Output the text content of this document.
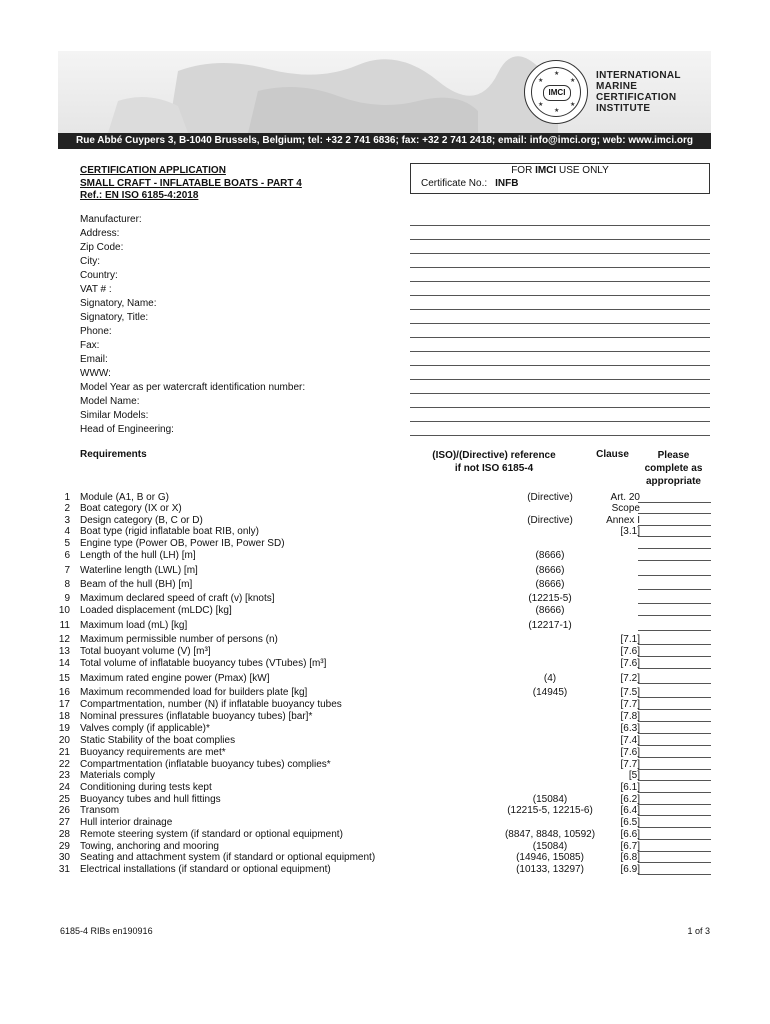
IMCI
★
★	★
★	★
★
INTERNATIONAL
MARINE
CERTIFICATION
INSTITUTE
Rue Abbé Cuypers 3, B-1040 Brussels, Belgium; tel: +32 2 741 6836; fax: +32 2 741 2418; email: info@imci.org; web: www.imci.org
CERTIFICATION APPLICATION
SMALL CRAFT - INFLATABLE BOATS - PART 4
Ref.: EN ISO 6185-4:2018
FOR IMCI USE ONLY
Certificate No.: INFB
Manufacturer:
Address:
Zip Code:
City:
Country:
VAT # :
Signatory, Name:
Signatory, Title:
Phone:
Fax:
Email:
WWW:
Model Year as per watercraft identification number:
Model Name:
Similar Models:
Head of Engineering:
Requirements	(ISO)/(Directive) reference
if not ISO 6185-4
Clause	Please
complete as
appropriate
1 Module (A1, B or G)	(Directive)	Art. 20
2 Boat category (IX or X)	Scope
3 Design category (B, C or D)	(Directive)	Annex I
4 Boat type (rigid inflatable boat RIB, only)	[3.1]
5 Engine type (Power OB, Power IB, Power SD)
6 Length of the hull (LH) [m]	(8666)
7 Waterline length (LWL) [m]	(8666)
8 Beam of the hull (BH) [m]	(8666)
9 Maximum declared speed of craft (v) [knots]	(12215-5)
10 Loaded displacement (mLDC) [kg]	(8666)
11 Maximum load (mL) [kg]	(12217-1)
12 Maximum permissible number of persons (n)	[7.1]
13 Total buoyant volume (V) [m³]	[7.6]
14 Total volume of inflatable buoyancy tubes (VTubes) [m³]	[7.6]
15 Maximum rated engine power (Pmax) [kW]	(4)	[7.2]
16 Maximum recommended load for builders plate [kg]	(14945)	[7.5]
17 Compartmentation, number (N) if inflatable buoyancy tubes	[7.7]
18 Nominal pressures (inflatable buoyancy tubes) [bar]*	[7.8]
19 Valves comply (if applicable)*	[6.3]
20 Static Stability of the boat complies	[7.4]
21 Buoyancy requirements are met*	[7.6]
22 Compartmentation (inflatable buoyancy tubes) complies*	[7.7]
23 Materials comply	[5]
24 Conditioning during tests kept	[6.1]
25 Buoyancy tubes and hull fittings	(15084)	[6.2]
26 Transom	(12215-5, 12215-6)	[6.4]
27 Hull interior drainage	[6.5]
28 Remote steering system (if standard or optional equipment)	(8847, 8848, 10592)	[6.6]
29 Towing, anchoring and mooring	(15084)	[6.7]
30 Seating and attachment system (if standard or optional equipment)	(14946, 15085)	[6.8]
31 Electrical installations (if standard or optional equipment)	(10133, 13297)	[6.9]
6185-4 RIBs en190916	1 of 3
